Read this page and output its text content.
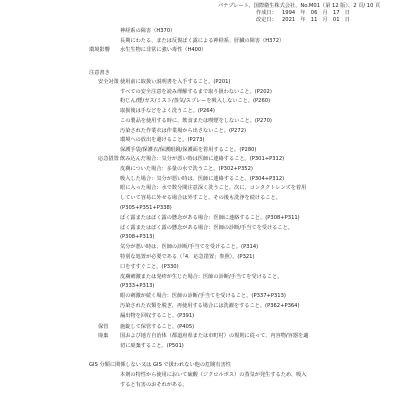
パナプレート、国際衛生株式会社、No.M01（第 12 版）、2 頁/ 10 頁
作成日： 1994　年　06　月　17　日
改定日： 2021　年　11　月　01　日
神経系の障害（H370）
長期にわたる、または反復ばく露による神経系、肝臓の障害（H372）
環境影響 水生生物に非常に強い毒性（H400）
注意書き
安全対策 使用前に取扱い説明書を入手すること。(P201)
すべての安全注意を読み理解するまで取り扱わないこと。(P202)
粉じん/煙/ガス/ミスト/蒸気/スプレーを吸入しないこと。(P260)
取扱後は手などをよく洗うこと。(P264)
この製品を使用する時に、飲食または喫煙をしないこと。(P270)
汚染された作業衣は作業場から出さないこと。(P272)
環境への放出を避けること。(P273)
保護手袋/保護衣/保護眼鏡/保護面を着用すること。(P280)
応急措置 飲み込んだ場合：気分が悪い時は医師に連絡すること。(P301+P312)
皮膚についた場合：多量の水で洗うこと。(P302+P352)
吸入した場合：気分が悪い時は、医師に連絡すること。(P304+P312)
眼に入った場合：水で数分間注意深く洗うこと。次に、コンタクトレンズを着用
していて容易に外せる場合は外すこと。その後も洗浄を続けること。
(P305+P351+P338)
ばく露またはばく露の懸念がある場合：医師に連絡すること。(P308+P311)
ばく露またはばく露の懸念がある場合：医師の診断/手当てを受けること。
(P308+P313)
気分が悪い時は、医師の診断/手当てを受けること。(P314)
特別な処置が必要である（「4．応急措置」参照）。(P321)
口をすすぐこと。(P330)
皮膚刺激または発疹が生じた場合：医師の診断/手当てを受けること。
(P333+P313)
眼の刺激が続く場合：医師の診断/手当てを受けること。(P337+P313)
汚染された衣類を脱ぎ、再使用する場合には洗濯をすること。(P362+P364)
漏出物を回収すること。(P391)
保管 施錠して保管すること。(P405)
廃棄 国および地方自治体（都道府県または市町村）の規則に従って、内容物/容器を適
切に廃棄すること。(P501)
GIS 分類に関係しない又は GIS で扱われない他の危険有害性
本剤の特性から使用において硫酸（ジクロルボス）の蒸気が発生するため、吸入
すると有害のおそれがある。
